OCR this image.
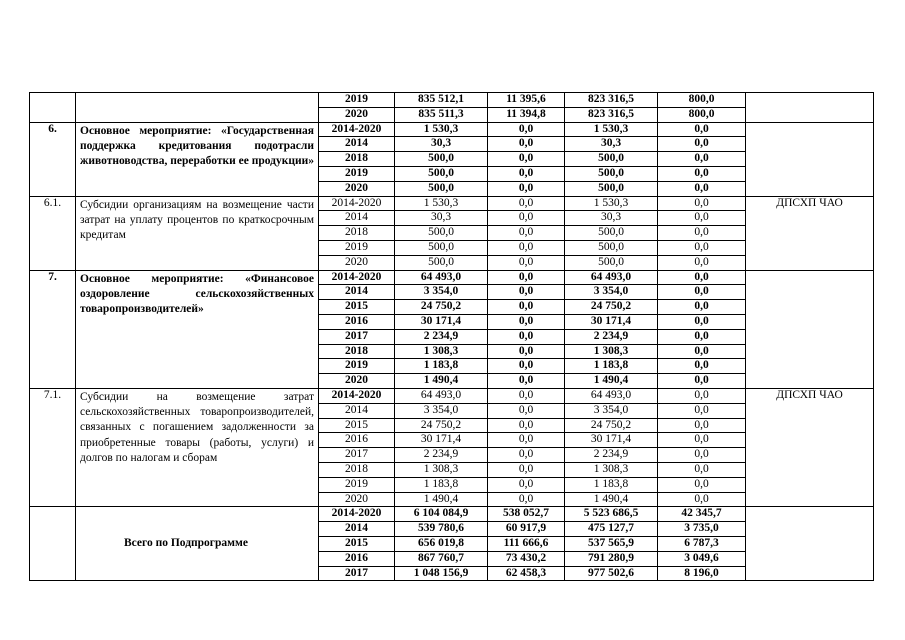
		2019	835 512,1	11 395,6	823 316,5	800,0	
		2020	835 511,3	11 394,8	823 316,5	800,0	
6.	Основное мероприятие: «Государственная поддержка кредитования подотрасли животноводства, переработки ее продукции»	2014-2020	1 530,3	0,0	1 530,3	0,0	
		2014	30,3	0,0	30,3	0,0	
		2018	500,0	0,0	500,0	0,0	
		2019	500,0	0,0	500,0	0,0	
		2020	500,0	0,0	500,0	0,0	
6.1.	Субсидии организациям на возмещение части затрат на уплату процентов по краткосрочным кредитам	2014-2020	1 530,3	0,0	1 530,3	0,0	ДПСХП ЧАО
		2014	30,3	0,0	30,3	0,0	
		2018	500,0	0,0	500,0	0,0	
		2019	500,0	0,0	500,0	0,0	
		2020	500,0	0,0	500,0	0,0	
7.	Основное мероприятие: «Финансовое оздоровление сельскохозяйственных товаропроизводителей»	2014-2020	64 493,0	0,0	64 493,0	0,0	
		2014	3 354,0	0,0	3 354,0	0,0	
		2015	24 750,2	0,0	24 750,2	0,0	
		2016	30 171,4	0,0	30 171,4	0,0	
		2017	2 234,9	0,0	2 234,9	0,0	
		2018	1 308,3	0,0	1 308,3	0,0	
		2019	1 183,8	0,0	1 183,8	0,0	
		2020	1 490,4	0,0	1 490,4	0,0	
7.1.	Субсидии на возмещение затрат сельскохозяйственных товаропроизводителей, связанных с погашением задолженности за приобретенные товары (работы, услуги) и долгов по налогам и сборам	2014-2020	64 493,0	0,0	64 493,0	0,0	ДПСХП ЧАО
		2014	3 354,0	0,0	3 354,0	0,0	
		2015	24 750,2	0,0	24 750,2	0,0	
		2016	30 171,4	0,0	30 171,4	0,0	
		2017	2 234,9	0,0	2 234,9	0,0	
		2018	1 308,3	0,0	1 308,3	0,0	
		2019	1 183,8	0,0	1 183,8	0,0	
		2020	1 490,4	0,0	1 490,4	0,0	
	Всего по Подпрограмме	2014-2020	6 104 084,9	538 052,7	5 523 686,5	42 345,7	
		2014	539 780,6	60 917,9	475 127,7	3 735,0	
		2015	656 019,8	111 666,6	537 565,9	6 787,3	
		2016	867 760,7	73 430,2	791 280,9	3 049,6	
		2017	1 048 156,9	62 458,3	977 502,6	8 196,0	
